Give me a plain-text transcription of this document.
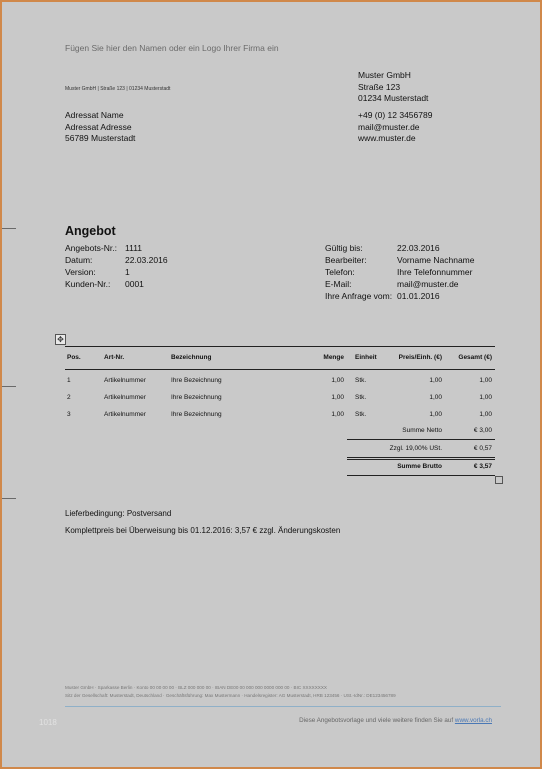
Fügen Sie hier den Namen oder ein Logo Ihrer Firma ein
Muster GmbH | Straße 123 | 01234 Musterstadt
Muster GmbH
Straße 123
01234 Musterstadt
Adressat Name
Adressat Adresse
56789 Musterstadt
+49 (0) 12 3456789
mail@muster.de
www.muster.de
Angebot
Angebots-Nr.: 1111
Datum:	22.03.2016
Version:	1
Kunden-Nr.:	0001
Gültig bis:	22.03.2016
Bearbeiter:	Vorname Nachname
Telefon:	Ihre Telefonnummer
E-Mail:	mail@muster.de
Ihre Anfrage vom: 01.01.2016
✥
Pos.	Art-Nr.	Bezeichnung	Menge Einheit	Preis/Einh. (€)	Gesamt (€)
1	Artikelnummer	Ihre Bezeichnung	1,00 Stk.	1,00	1,00
2	Artikelnummer	Ihre Bezeichnung	1,00 Stk.	1,00	1,00
3	Artikelnummer	Ihre Bezeichnung	1,00 Stk.	1,00	1,00
Summe Netto	€ 3,00
Zzgl. 19,00% USt.	€ 0,57
Summe Brutto	€ 3,57
Lieferbedingung: Postversand
Komplettpreis bei Überweisung bis 01.12.2016: 3,57 € zzgl. Änderungskosten
Muster GmbH · Sparkasse Berlin · Konto 00 00 00 00 · BLZ 000 000 00 · IBAN DE00 00 000 000 0000 000 00 · BIC XXXXXXXX
Sitz der Gesellschaft: Musterstadt, Deutschland · Geschäftsführung: Max Mustermann · Handelsregister: AG Musterstadt, HRB 123456 · USt.-IdNr.: DE123456789
1018	Diese Angebotsvorlage und viele weitere finden Sie auf www.vorla.ch
